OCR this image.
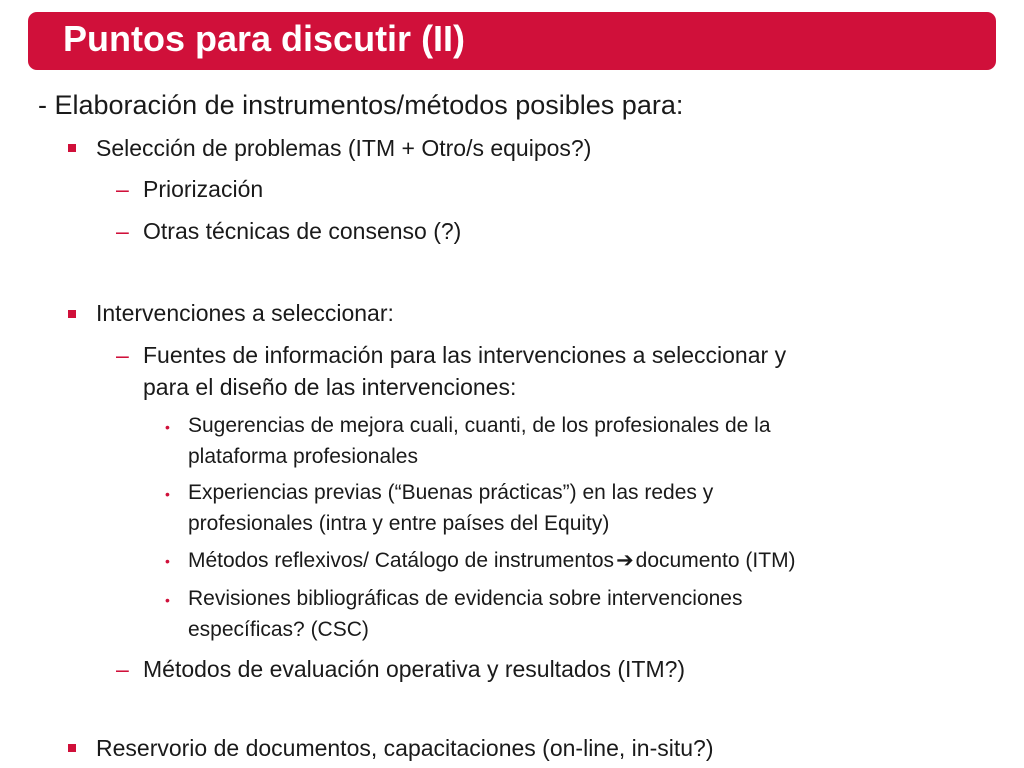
Puntos para discutir (II)
- Elaboración de instrumentos/métodos posibles para:
Selección de problemas (ITM + Otro/s equipos?)
– Priorización
– Otras técnicas de consenso (?)
Intervenciones a seleccionar:
– Fuentes de información para las intervenciones a seleccionar y
para el diseño de las intervenciones:
• Sugerencias de mejora cuali, cuanti, de los profesionales de la
plataforma profesionales
• Experiencias previas (“Buenas prácticas”) en las redes y
profesionales (intra y entre países del Equity)
• Métodos reflexivos/ Catálogo de instrumentos➔documento (ITM)
• Revisiones bibliográficas de evidencia sobre intervenciones
específicas? (CSC)
– Métodos de evaluación operativa y resultados (ITM?)
Reservorio de documentos, capacitaciones (on-line, in-situ?)
